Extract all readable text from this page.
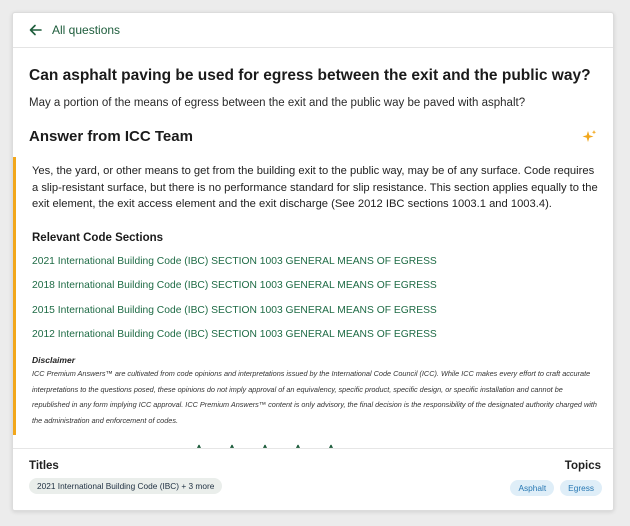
All questions
Can asphalt paving be used for egress between the exit and the public way?
May a portion of the means of egress between the exit and the public way be paved with asphalt?
Answer from ICC Team

Yes, the yard, or other means to get from the building exit to the public way, may be of any surface. Code requires a slip-resistant surface, but there is no performance standard for slip resistance. This section applies equally to the exit element, the exit access element and the exit discharge (See 2012 IBC sections 1003.1 and 1003.4).

Relevant Code Sections
2021 International Building Code (IBC) SECTION 1003 GENERAL MEANS OF EGRESS
2018 International Building Code (IBC) SECTION 1003 GENERAL MEANS OF EGRESS
2015 International Building Code (IBC) SECTION 1003 GENERAL MEANS OF EGRESS
2012 International Building Code (IBC) SECTION 1003 GENERAL MEANS OF EGRESS
Disclaimer

ICC Premium Answers™ are cultivated from code opinions and interpretations issued by the International Code Council (ICC). While ICC makes every effort to craft accurate interpretations to the questions posed, these opinions do not imply approval of an equivalency, specific product, specific design, or specific installation and cannot be republished in any form implying ICC approval. ICC Premium Answers™ content is only advisory, the final decision is the responsibility of the designated authority charged with the administration and enforcement of codes.

Titles
2021 International Building Code (IBC) + 3 more
Topics
Asphalt	Egress
